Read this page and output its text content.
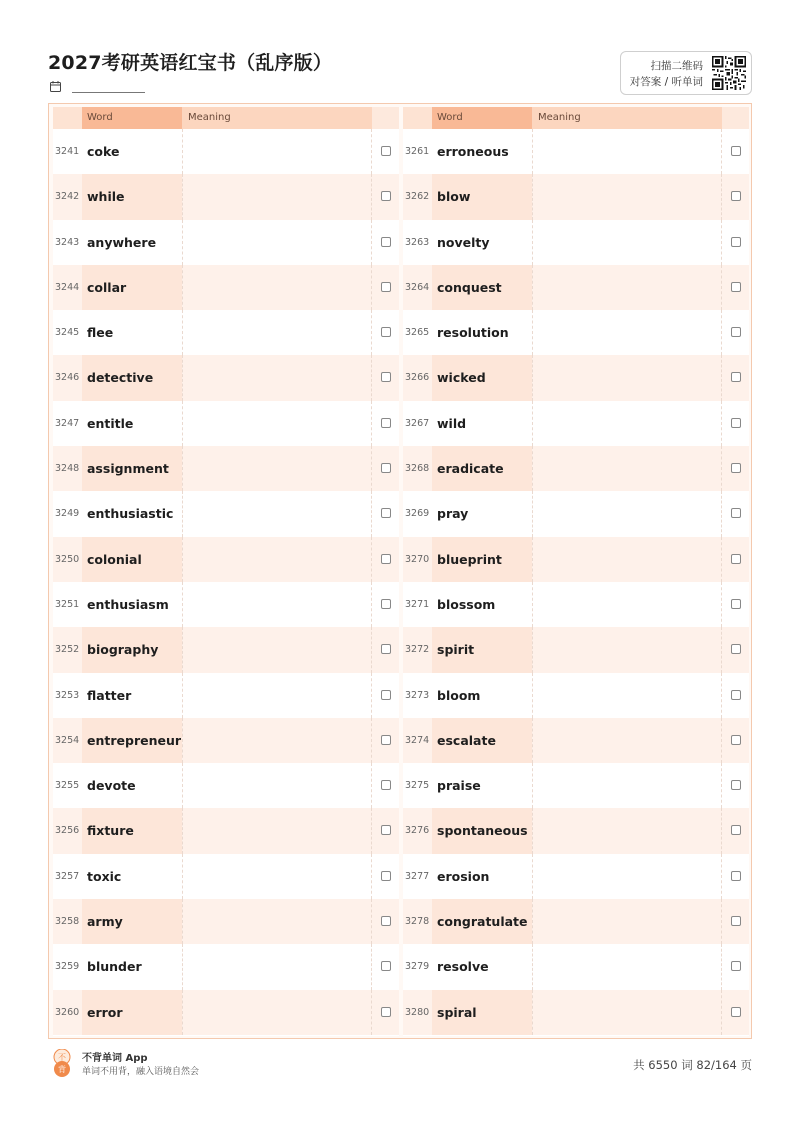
2027考研英语红宝书（乱序版）	扫描二维码
对答案 / 听单词
Word	Meaning
3241 coke
3242 while
3243 anywhere
3244 collar
3245 flee
3246 detective
3247 entitle
3248 assignment
3249 enthusiastic
3250 colonial
3251 enthusiasm
3252 biography
3253 flatter
3254 entrepreneur
3255 devote
3256 fixture
3257 toxic
3258 army
3259 blunder
3260 error
Word	Meaning
3261 erroneous
3262 blow
3263 novelty
3264 conquest
3265 resolution
3266 wicked
3267 wild
3268 eradicate
3269 pray
3270 blueprint
3271 blossom
3272 spirit
3273 bloom
3274 escalate
3275 praise
3276 spontaneous
3277 erosion
3278 congratulate
3279 resolve
3280 spiral
不
背
不背单词 App
单词不用背，融入语境自然会	共 6550 词 82/164 页
